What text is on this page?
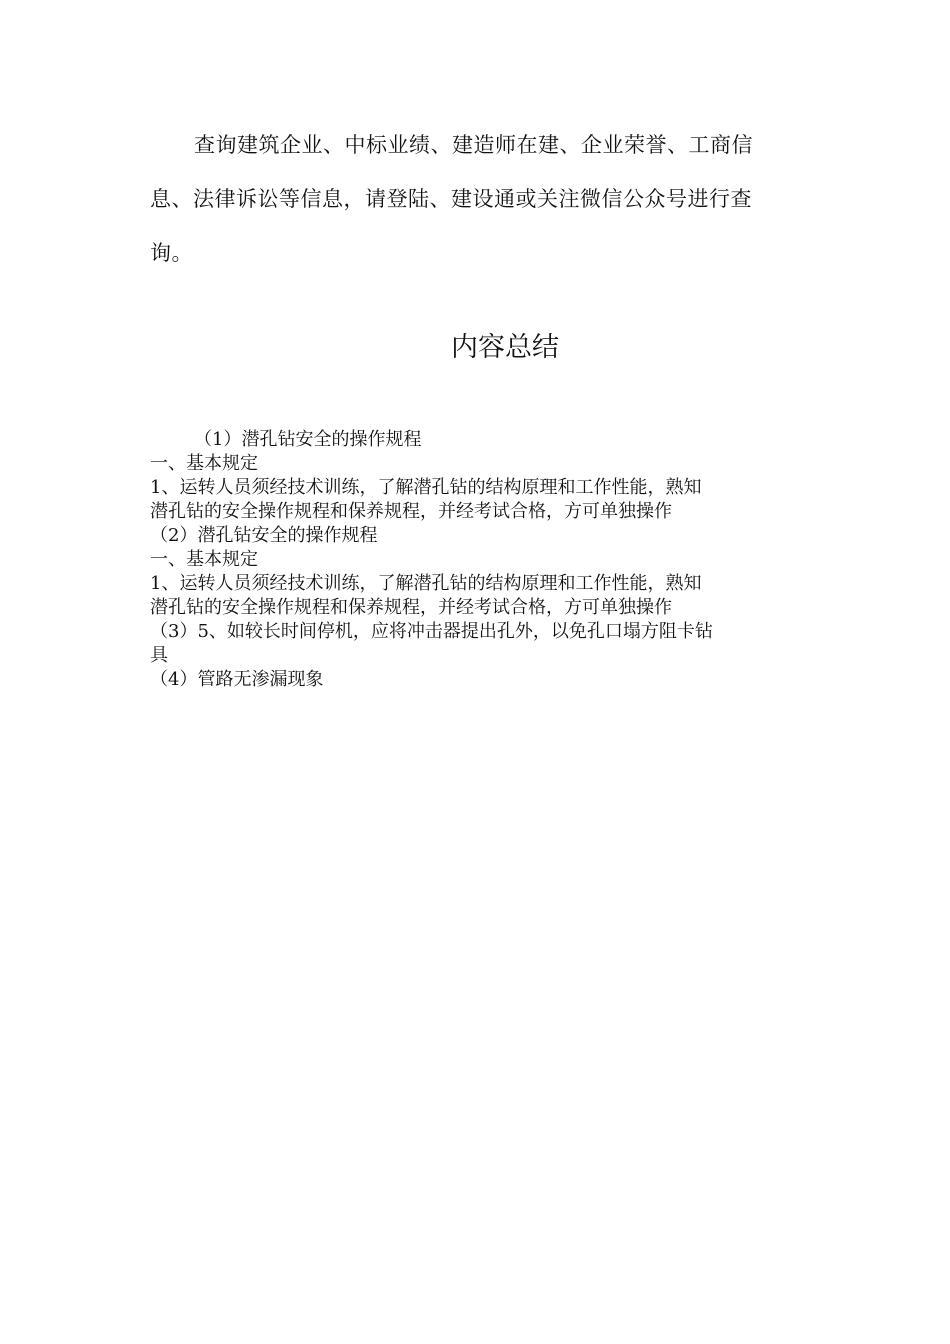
查询建筑企业、中标业绩、建造师在建、企业荣誉、工商信
息、法律诉讼等信息，请登陆、建设通或关注微信公众号进行查
询。
内容总结
（1）潜孔钻安全的操作规程
一、基本规定
1、运转人员须经技术训练，了解潜孔钻的结构原理和工作性能，熟知
潜孔钻的安全操作规程和保养规程，并经考试合格，方可单独操作
（2）潜孔钻安全的操作规程
一、基本规定
1、运转人员须经技术训练，了解潜孔钻的结构原理和工作性能，熟知
潜孔钻的安全操作规程和保养规程，并经考试合格，方可单独操作
（3）5、如较长时间停机，应将冲击器提出孔外，以免孔口塌方阻卡钻
具
（4）管路无渗漏现象
